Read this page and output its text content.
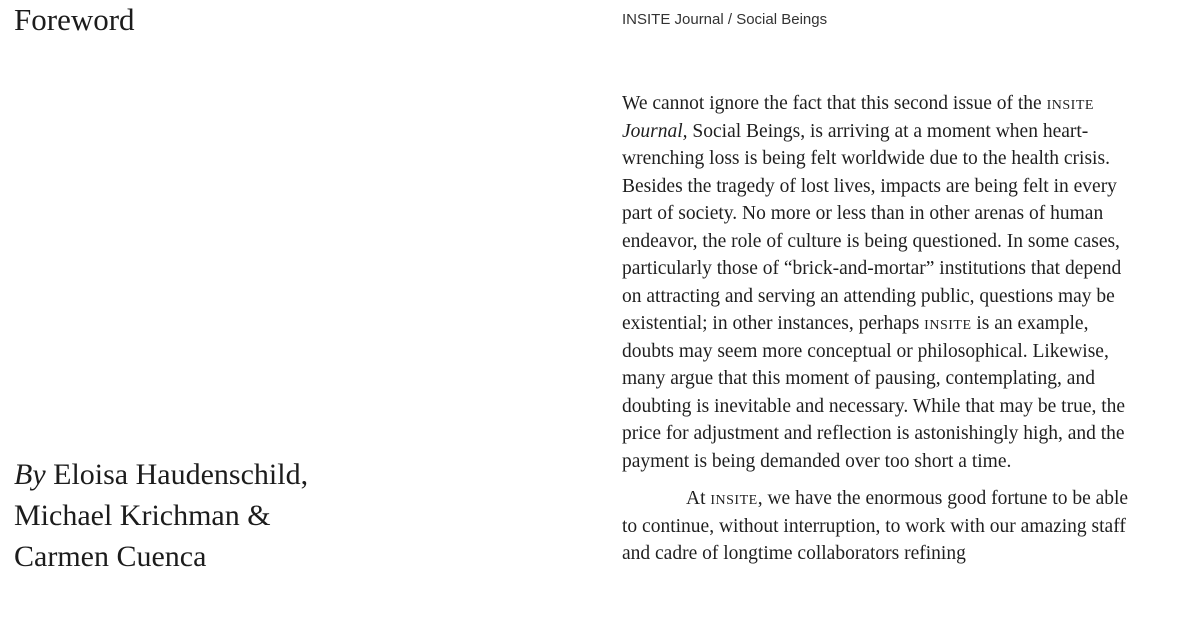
Foreword	INSITE Journal / Social Beings
By Eloisa Haudenschild, Michael Krichman & Carmen Cuenca

We cannot ignore the fact that this second issue of the insite Journal, Social Beings, is arriving at a moment when heart-wrenching loss is being felt worldwide due to the health crisis. Besides the tragedy of lost lives, impacts are being felt in every part of society. No more or less than in other arenas of human endeavor, the role of culture is being questioned. In some cases, particularly those of “brick-and-mortar” institutions that depend on attracting and serving an attending public, questions may be existential; in other instances, perhaps insite is an example, doubts may seem more conceptual or philosophical. Likewise, many argue that this moment of pausing, contemplating, and doubting is inevitable and necessary. While that may be true, the price for adjustment and reflection is astonishingly high, and the payment is being demanded over too short a time.

At insite, we have the enormous good fortune to be able to continue, without interruption, to work with our amazing staff and cadre of longtime collaborators refining
